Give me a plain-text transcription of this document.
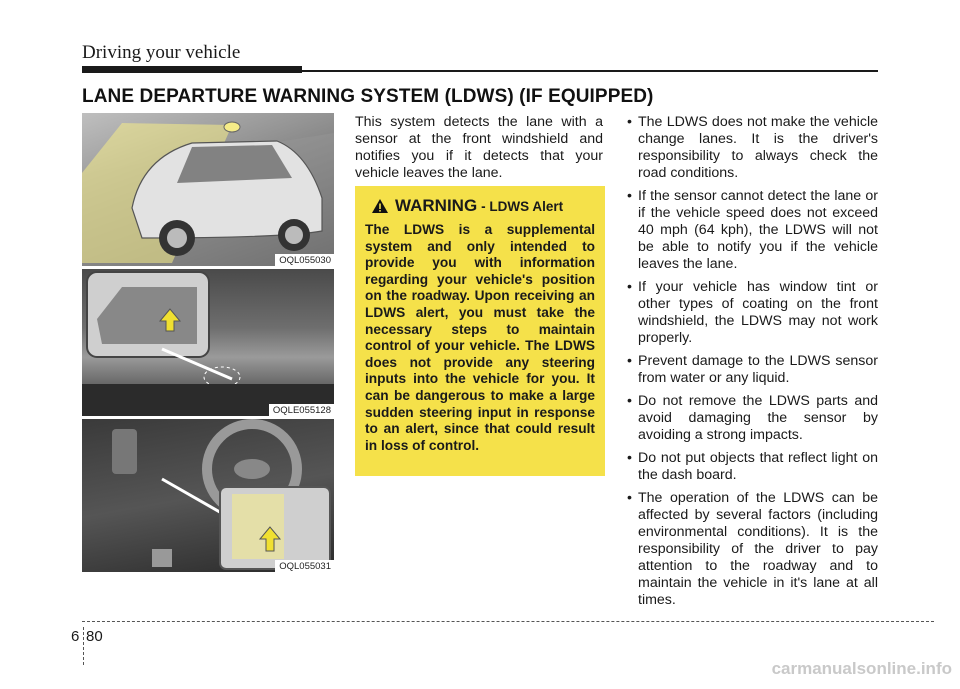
Driving your vehicle
LANE DEPARTURE WARNING SYSTEM (LDWS) (IF EQUIPPED)
OQL055030
OQLE055128
OQL055031

This system detects the lane with a sensor at the front windshield and notifies you if it detects that your vehicle leaves the lane.

WARNING - LDWS Alert

The LDWS is a supplemental system and only intended to provide you with information regarding your vehicle's position on the roadway. Upon receiving an LDWS alert, you must take the necessary steps to maintain control of your vehicle. The LDWS does not provide any steering inputs into the vehicle for you. It can be dangerous to make a large sudden steering input in response to an alert, since that could result in loss of control.

• The LDWS does not make the vehicle change lanes. It is the driver's responsibility to always check the road conditions.
• If the sensor cannot detect the lane or if the vehicle speed does not exceed 40 mph (64 kph), the LDWS will not be able to notify you if the vehicle leaves the lane.
• If your vehicle has window tint or other types of coating on the front windshield, the LDWS may not work properly.
• Prevent damage to the LDWS sensor from water or any liquid.
• Do not remove the LDWS parts and avoid damaging the sensor by avoiding a strong impacts.
• Do not put objects that reflect light on the dash board.
• The operation of the LDWS can be affected by several factors (including environmental conditions). It is the responsibility of the driver to pay attention to the roadway and to maintain the vehicle in it's lane at all times.
6 80
carmanualsonline.info
